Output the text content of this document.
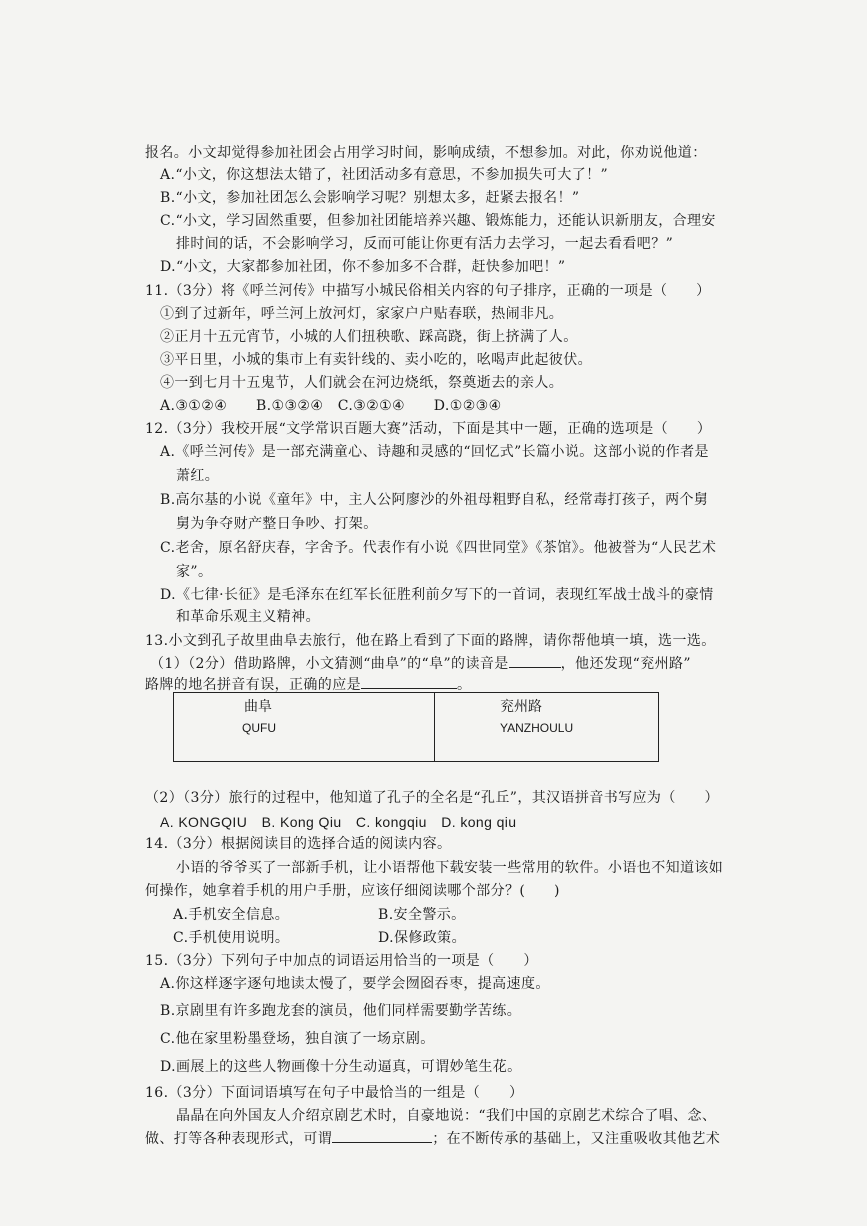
报名。小文却觉得参加社团会占用学习时间，影响成绩，不想参加。对此，你劝说他道：
A.“小文，你这想法太错了，社团活动多有意思，不参加损失可大了！”
B.“小文，参加社团怎么会影响学习呢？别想太多，赶紧去报名！”
C.“小文，学习固然重要，但参加社团能培养兴趣、锻炼能力，还能认识新朋友，合理安
排时间的话，不会影响学习，反而可能让你更有活力去学习，一起去看看吧？”
D.“小文，大家都参加社团，你不参加多不合群，赶快参加吧！”
11.（3分）将《呼兰河传》中描写小城民俗相关内容的句子排序，正确的一项是（　　）
①到了过新年，呼兰河上放河灯，家家户户贴春联，热闹非凡。
②正月十五元宵节，小城的人们扭秧歌、踩高跷，街上挤满了人。
③平日里，小城的集市上有卖针线的、卖小吃的，吆喝声此起彼伏。
④一到七月十五鬼节，人们就会在河边烧纸，祭奠逝去的亲人。
A.③①②④　　B.①③②④　C.③②①④　　D.①②③④
12.（3分）我校开展“文学常识百题大赛”活动，下面是其中一题，正确的选项是（　　）
A.《呼兰河传》是一部充满童心、诗趣和灵感的“回忆式”长篇小说。这部小说的作者是
萧红。
B.高尔基的小说《童年》中，主人公阿廖沙的外祖母粗野自私，经常毒打孩子，两个舅
舅为争夺财产整日争吵、打架。
C.老舍，原名舒庆春，字舍予。代表作有小说《四世同堂》《茶馆》。他被誉为“人民艺术
家”。
D.《七律·长征》是毛泽东在红军长征胜利前夕写下的一首词，表现红军战士战斗的豪情
和革命乐观主义精神。
13.小文到孔子故里曲阜去旅行，他在路上看到了下面的路牌，请你帮他填一填，选一选。
（1）（2分）借助路牌，小文猜测“曲阜”的“阜”的读音是	，他还发现“兖州路”
路牌的地名拼音有误，正确的应是	。
曲阜
QUFU
兖州路
YANZHOULU
（2）（3分）旅行的过程中，他知道了孔子的全名是“孔丘”，其汉语拼音书写应为（　　）
A. KONGQIU　B. Kong Qiu　C. kongqiu　D. kong qiu
14.（3分）根据阅读目的选择合适的阅读内容。
小语的爷爷买了一部新手机，让小语帮他下载安装一些常用的软件。小语也不知道该如
何操作，她拿着手机的用户手册，应该仔细阅读哪个部分？(　　)
A.手机安全信息。	B.安全警示。
C.手机使用说明。	D.保修政策。
15.（3分）下列句子中加点的词语运用恰当的一项是（　　）
A.你这样逐字逐句地读太慢了，要学会囫囵吞枣，提高速度。
B.京剧里有许多跑龙套的演员，他们同样需要勤学苦练。
C.他在家里粉墨登场，独自演了一场京剧。
D.画展上的这些人物画像十分生动逼真，可谓妙笔生花。
16.（3分）下面词语填写在句子中最恰当的一组是（　　）
晶晶在向外国友人介绍京剧艺术时，自豪地说：“我们中国的京剧艺术综合了唱、念、
做、打等各种表现形式，可谓	；在不断传承的基础上，又注重吸收其他艺术
